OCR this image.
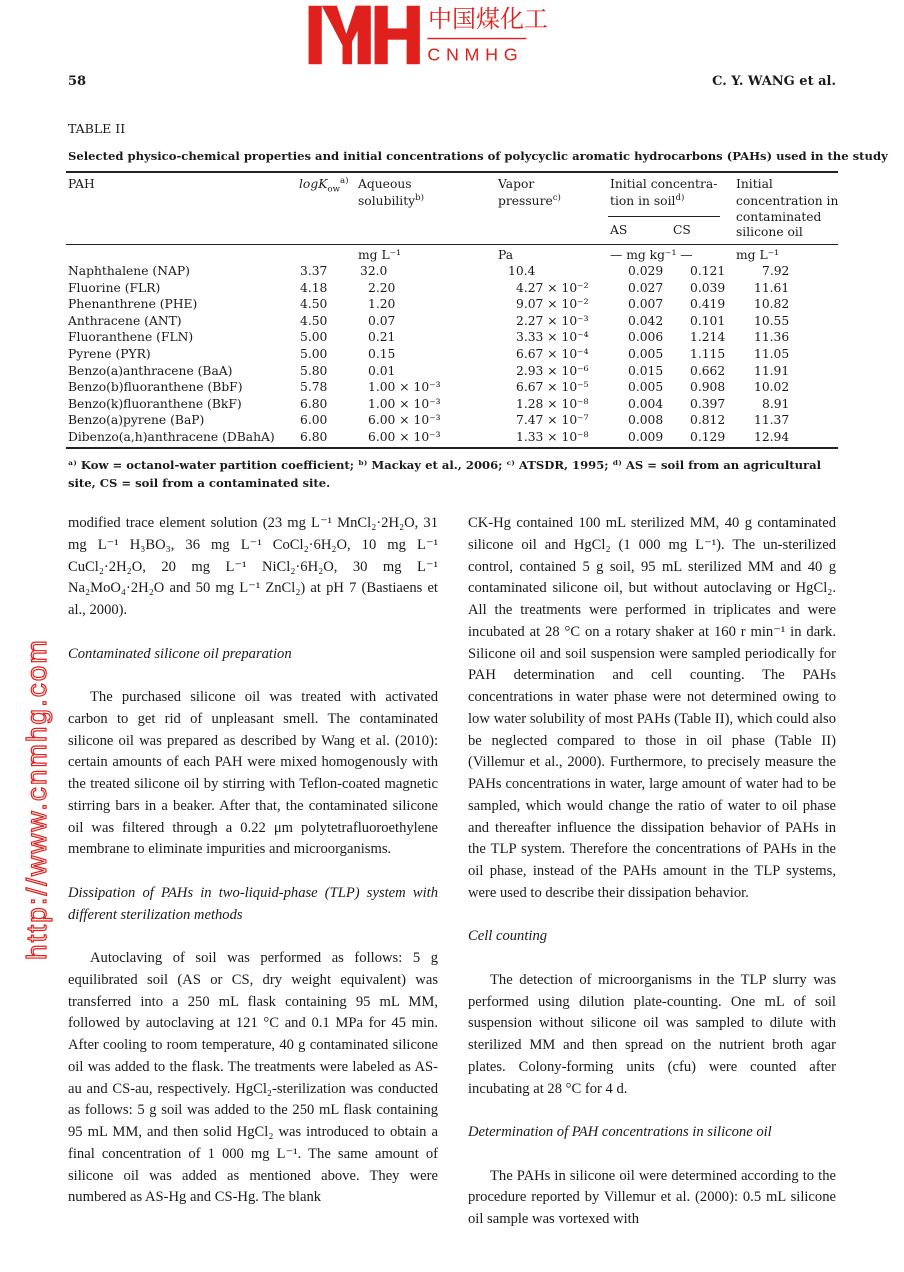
58	C. Y. WANG et al.
TABLE II
Selected physico-chemical properties and initial concentrations of polycyclic aromatic hydrocarbons (PAHs) used in the study
PAH	logK$_{ow}^{a)}$ Aqueous
solubility$^{b)}$
Vapor
pressure$^{c)}$
Initial concentra-
tion in soil$^{d)}$
AS	CS
Initial
concentration in
contaminated
silicone oil
mg L⁻¹	Pa	— mg kg⁻¹ —	mg L⁻¹
Naphthalene (NAP)	3.37	32.0	10.4	0.029	0.121	7.92
Fluorine (FLR)	4.18	2.20	4.27 × 10⁻²	0.027	0.039	11.61
Phenanthrene (PHE)	4.50	1.20	9.07 × 10⁻²	0.007	0.419	10.82
Anthracene (ANT)	4.50	0.07	2.27 × 10⁻³	0.042	0.101	10.55
Fluoranthene (FLN)	5.00	0.21	3.33 × 10⁻⁴	0.006	1.214	11.36
Pyrene (PYR)	5.00	0.15	6.67 × 10⁻⁴	0.005	1.115	11.05
Benzo(a)anthracene (BaA)	5.80	0.01	2.93 × 10⁻⁶	0.015	0.662	11.91
Benzo(b)fluoranthene (BbF)	5.78	1.00 × 10⁻³	6.67 × 10⁻⁵	0.005	0.908	10.02
Benzo(k)fluoranthene (BkF)	6.80	1.00 × 10⁻³	1.28 × 10⁻⁸	0.004	0.397	8.91
Benzo(a)pyrene (BaP)	6.00	6.00 × 10⁻³	7.47 × 10⁻⁷	0.008	0.812	11.37
Dibenzo(a,h)anthracene (DBahA)	6.80	6.00 × 10⁻³	1.33 × 10⁻⁸	0.009	0.129	12.94
ᵃ⁾ Kow = octanol-water partition coefficient; ᵇ⁾ Mackay et al., 2006; ᶜ⁾ ATSDR, 1995; ᵈ⁾ AS = soil from an agricultural site, CS = soil from a contaminated site.

modified trace element solution (23 mg L⁻¹ MnCl₂·2H₂O, 31 mg L⁻¹ H₃BO₃, 36 mg L⁻¹ CoCl₂·6H₂O, 10 mg L⁻¹ CuCl₂·2H₂O, 20 mg L⁻¹ NiCl₂·6H₂O, 30 mg L⁻¹ Na₂MoO₄·2H₂O and 50 mg L⁻¹ ZnCl₂) at pH 7 (Bastiaens et al., 2000).

Contaminated silicone oil preparation

The purchased silicone oil was treated with activated carbon to get rid of unpleasant smell. The contaminated silicone oil was prepared as described by Wang et al. (2010): certain amounts of each PAH were mixed homogenously with the treated silicone oil by stirring with Teflon-coated magnetic stirring bars in a beaker. After that, the contaminated silicone oil was filtered through a 0.22 μm polytetrafluoroethylene membrane to eliminate impurities and microorganisms.

Dissipation of PAHs in two-liquid-phase (TLP) system with different sterilization methods

Autoclaving of soil was performed as follows: 5 g equilibrated soil (AS or CS, dry weight equivalent) was transferred into a 250 mL flask containing 95 mL MM, followed by autoclaving at 121 °C and 0.1 MPa for 45 min. After cooling to room temperature, 40 g contaminated silicone oil was added to the flask. The treatments were labeled as AS-au and CS-au, respectively. HgCl₂-sterilization was conducted as follows: 5 g soil was added to the 250 mL flask containing 95 mL MM, and then solid HgCl₂ was introduced to obtain a final concentration of 1 000 mg L⁻¹. The same amount of silicone oil was added as mentioned above. They were numbered as AS-Hg and CS-Hg. The blank

CK-Hg contained 100 mL sterilized MM, 40 g contaminated silicone oil and HgCl₂ (1 000 mg L⁻¹). The un-sterilized control, contained 5 g soil, 95 mL sterilized MM and 40 g contaminated silicone oil, but without autoclaving or HgCl₂. All the treatments were performed in triplicates and were incubated at 28 °C on a rotary shaker at 160 r min⁻¹ in dark. Silicone oil and soil suspension were sampled periodically for PAH determination and cell counting. The PAHs concentrations in water phase were not determined owing to low water solubility of most PAHs (Table II), which could also be neglected compared to those in oil phase (Table II) (Villemur et al., 2000). Furthermore, to precisely measure the PAHs concentrations in water, large amount of water had to be sampled, which would change the ratio of water to oil phase and thereafter influence the dissipation behavior of PAHs in the TLP system. Therefore the concentrations of PAHs in the oil phase, instead of the PAHs amount in the TLP systems, were used to describe their dissipation behavior.

Cell counting

The detection of microorganisms in the TLP slurry was performed using dilution plate-counting. One mL of soil suspension without silicone oil was sampled to dilute with sterilized MM and then spread on the nutrient broth agar plates. Colony-forming units (cfu) were counted after incubating at 28 °C for 4 d.

Determination of PAH concentrations in silicone oil

The PAHs in silicone oil were determined according to the procedure reported by Villemur et al. (2000): 0.5 mL silicone oil sample was vortexed with

http://www.cnmhg.com
CNMHG
中国煤化工
